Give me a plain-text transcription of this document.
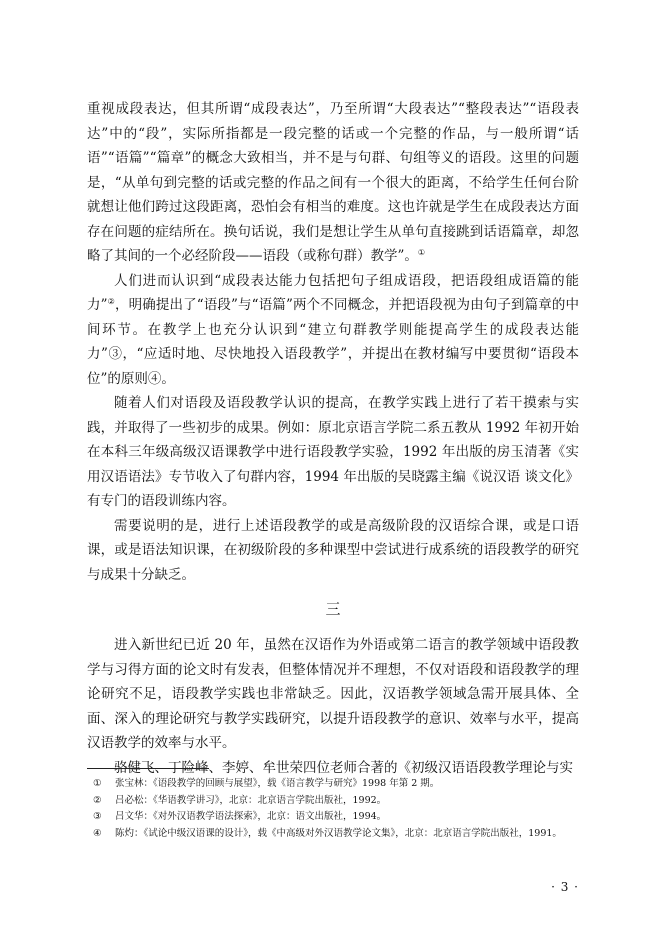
重视成段表达，但其所谓“成段表达”，乃至所谓“大段表达”“整段表达”“语段表达”中的“段”，实际所指都是一段完整的话或一个完整的作品，与一般所谓“话语”“语篇”“篇章”的概念大致相当，并不是与句群、句组等义的语段。这里的问题是，“从单句到完整的话或完整的作品之间有一个很大的距离，不给学生任何台阶就想让他们跨过这段距离，恐怕会有相当的难度。这也许就是学生在成段表达方面存在问题的症结所在。换句话说，我们是想让学生从单句直接跳到话语篇章，却忽略了其间的一个必经阶段——语段（或称句群）教学”。①

人们进而认识到“成段表达能力包括把句子组成语段，把语段组成语篇的能力”②，明确提出了“语段”与“语篇”两个不同概念，并把语段视为由句子到篇章的中间环节。在教学上也充分认识到“建立句群教学则能提高学生的成段表达能力”③，“应适时地、尽快地投入语段教学”，并提出在教材编写中要贯彻“语段本位”的原则④。

随着人们对语段及语段教学认识的提高，在教学实践上进行了若干摸索与实践，并取得了一些初步的成果。例如：原北京语言学院二系五教从 1992 年初开始在本科三年级高级汉语课教学中进行语段教学实验，1992 年出版的房玉清著《实用汉语语法》专节收入了句群内容，1994 年出版的吴晓露主编《说汉语 谈文化》有专门的语段训练内容。

需要说明的是，进行上述语段教学的或是高级阶段的汉语综合课，或是口语课，或是语法知识课，在初级阶段的多种课型中尝试进行成系统的语段教学的研究与成果十分缺乏。

三

进入新世纪已近 20 年，虽然在汉语作为外语或第二语言的教学领域中语段教学与习得方面的论文时有发表，但整体情况并不理想，不仅对语段和语段教学的理论研究不足，语段教学实践也非常缺乏。因此，汉语教学领域急需开展具体、全面、深入的理论研究与教学实践研究，以提升语段教学的意识、效率与水平，提高汉语教学的效率与水平。

骆健飞、丁险峰、李婷、牟世荣四位老师合著的《初级汉语语段教学理论与实

①	张宝林：《语段教学的回顾与展望》，载《语言教学与研究》1998 年第 2 期。
②	吕必松：《华语教学讲习》，北京：北京语言学院出版社，1992。
③	吕文华：《对外汉语教学语法探索》，北京：语文出版社，1994。
④	陈灼：《试论中级汉语课的设计》，载《中高级对外汉语教学论文集》，北京：北京语言学院出版社，1991。
· 3 ·
